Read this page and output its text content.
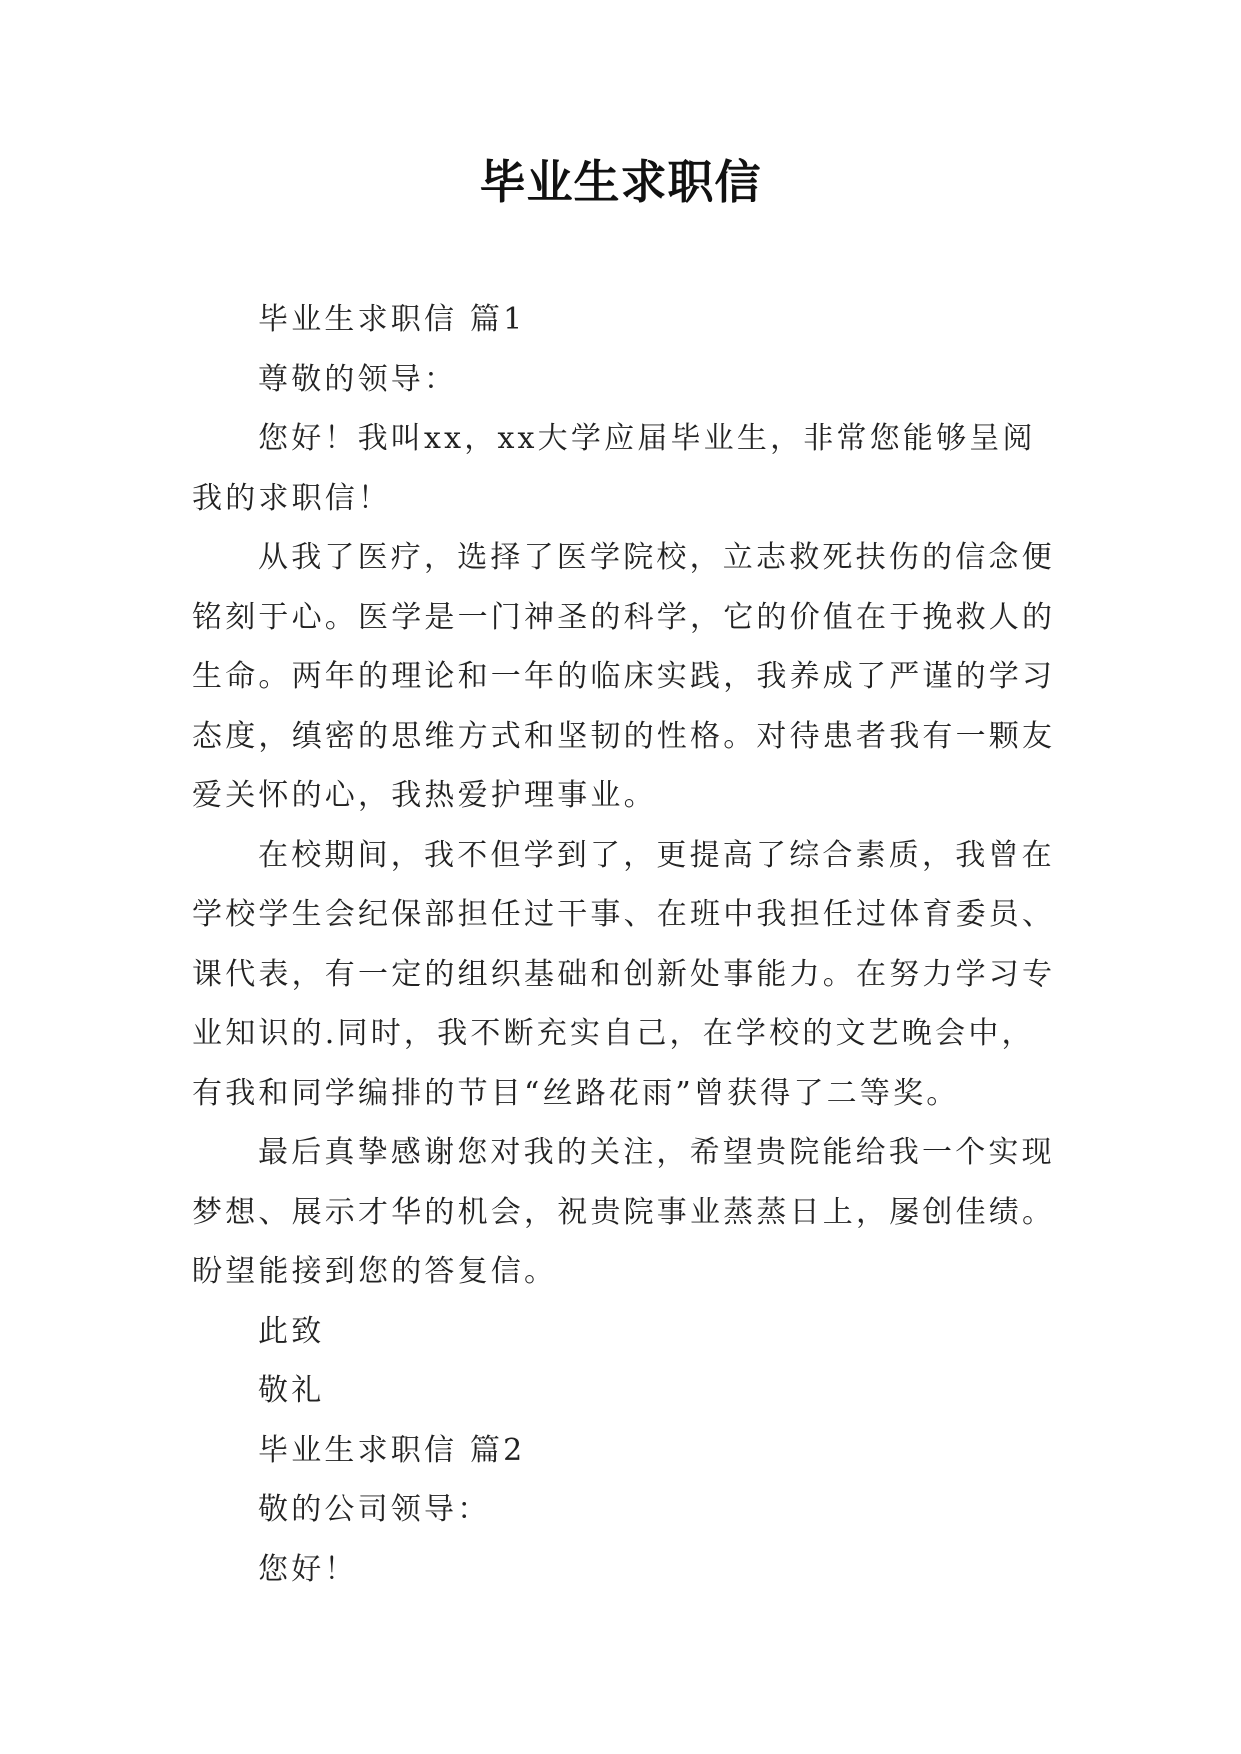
毕业生求职信
毕业生求职信 篇1
尊敬的领导：
您好！我叫xx，xx大学应届毕业生，非常您能够呈阅
我的求职信！
从我了医疗，选择了医学院校，立志救死扶伤的信念便
铭刻于心。医学是一门神圣的科学，它的价值在于挽救人的
生命。两年的理论和一年的临床实践，我养成了严谨的学习
态度，缜密的思维方式和坚韧的性格。对待患者我有一颗友
爱关怀的心，我热爱护理事业。
在校期间，我不但学到了，更提高了综合素质，我曾在
学校学生会纪保部担任过干事、在班中我担任过体育委员、
课代表，有一定的组织基础和创新处事能力。在努力学习专
业知识的.同时，我不断充实自己，在学校的文艺晚会中，
有我和同学编排的节目“丝路花雨”曾获得了二等奖。
最后真挚感谢您对我的关注，希望贵院能给我一个实现
梦想、展示才华的机会，祝贵院事业蒸蒸日上，屡创佳绩。
盼望能接到您的答复信。
此致
敬礼
毕业生求职信 篇2
敬的公司领导：
您好！
